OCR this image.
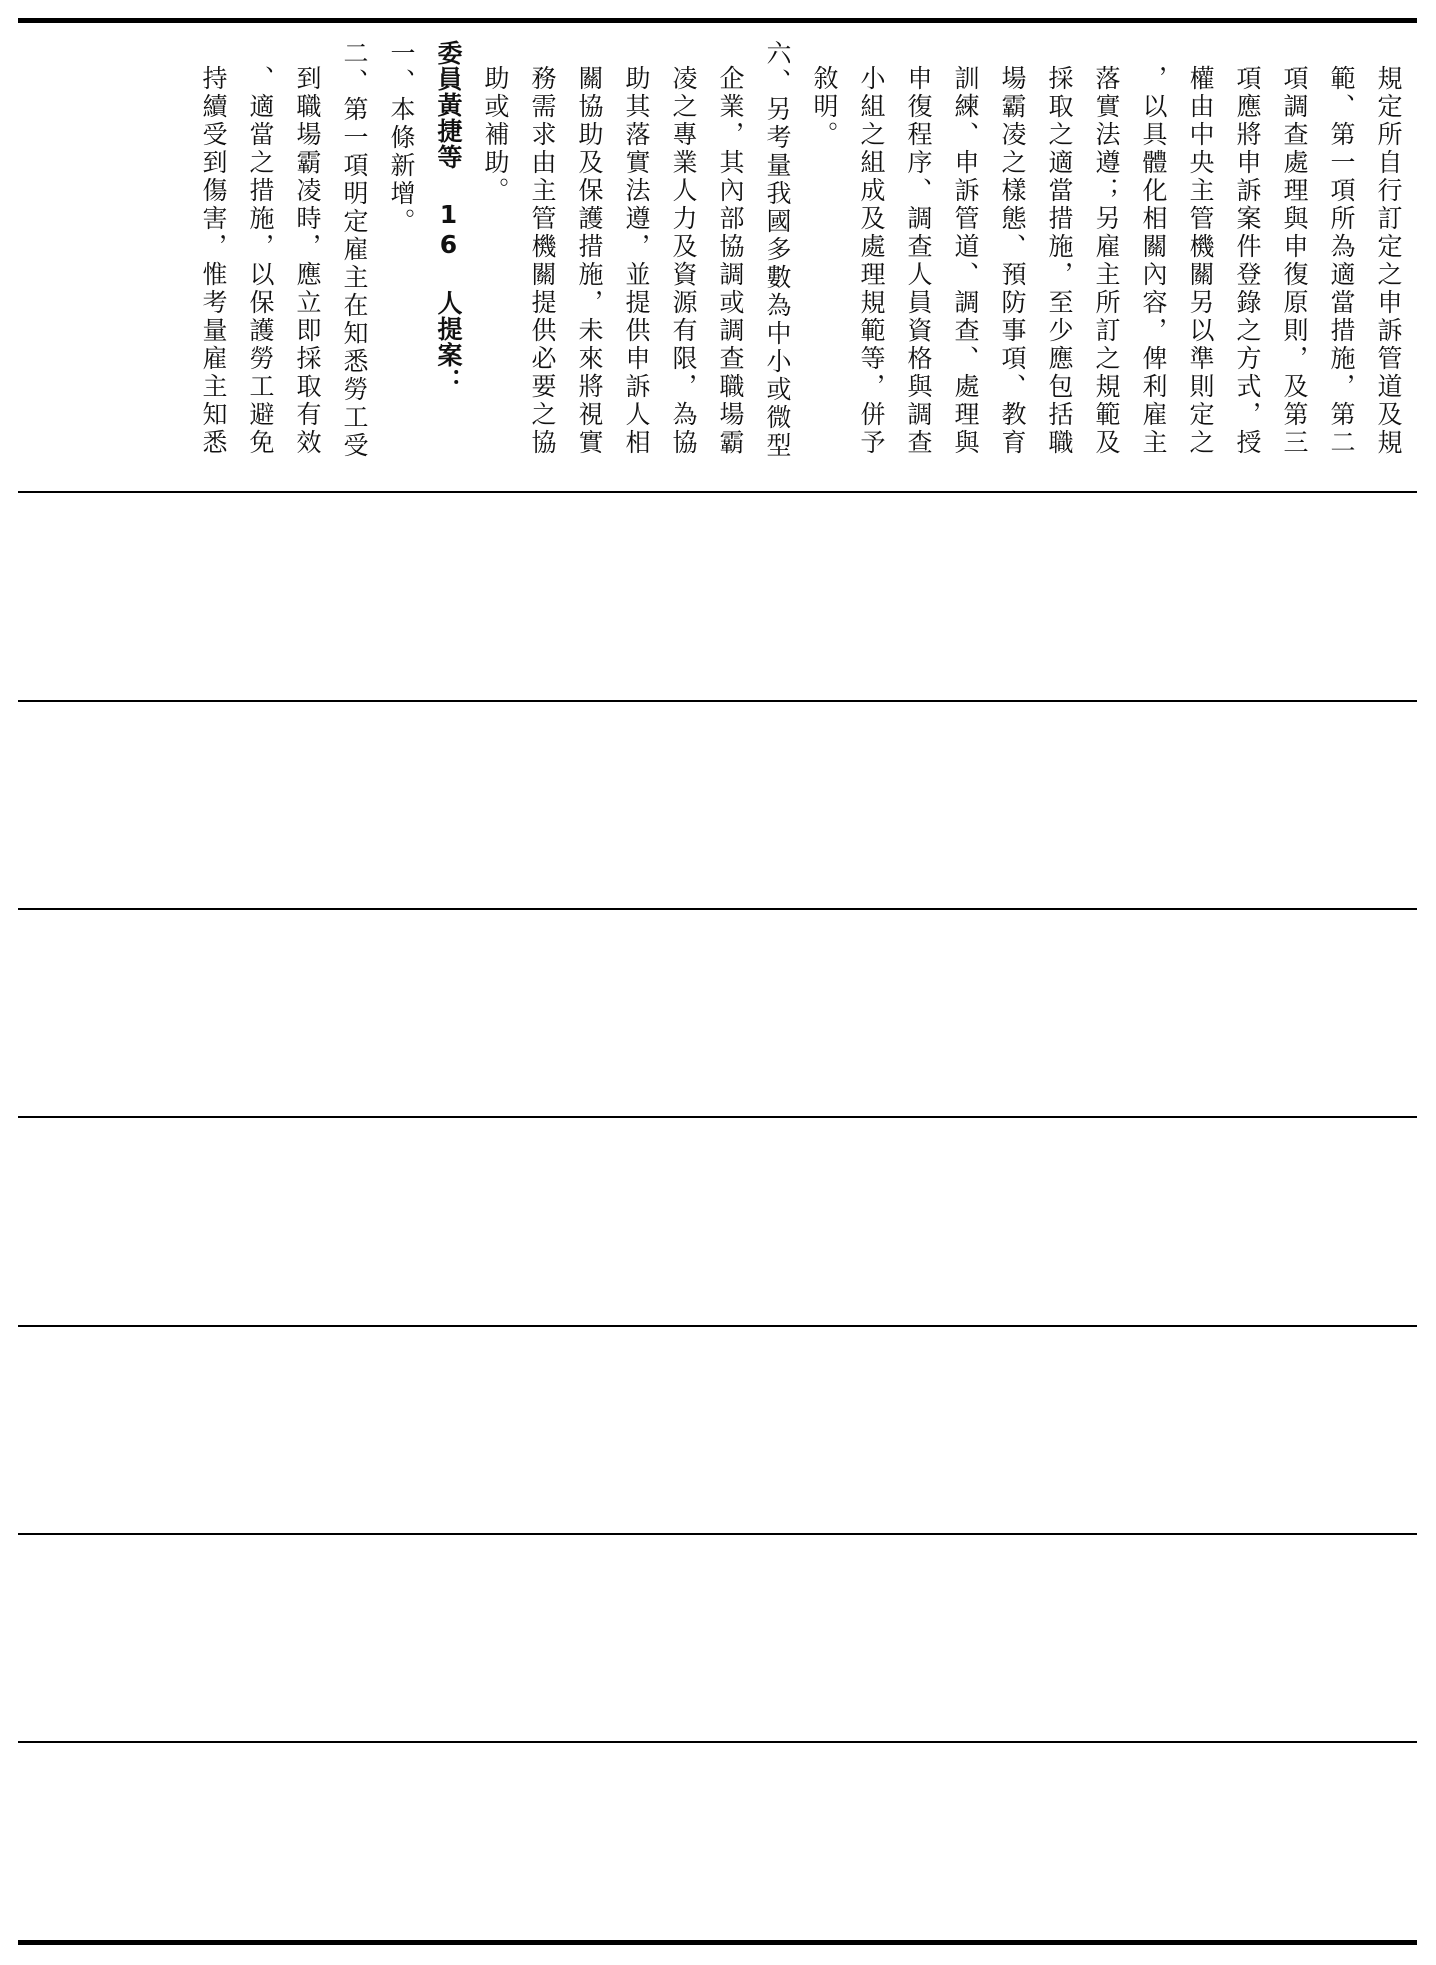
規定所自行訂定之申訴管道及規
範、第一項所為適當措施，第二
項調查處理與申復原則，及第三
項應將申訴案件登錄之方式，授
權由中央主管機關另以準則定之
，以具體化相關內容，俾利雇主
落實法遵；另雇主所訂之規範及
採取之適當措施，至少應包括職
場霸凌之樣態、預防事項、教育
訓練、申訴管道、調查、處理與
申復程序、調查人員資格與調查
小組之組成及處理規範等，併予
敘明。
六、另考量我國多數為中小或微型
企業，其內部協調或調查職場霸
凌之專業人力及資源有限，為協
助其落實法遵，並提供申訴人相
關協助及保護措施，未來將視實
務需求由主管機關提供必要之協
助或補助。
委員黃捷等 16 人提案：
一、本條新增。
二、第一項明定雇主在知悉勞工受
到職場霸凌時，應立即採取有效
、適當之措施，以保護勞工避免
持續受到傷害，惟考量雇主知悉
